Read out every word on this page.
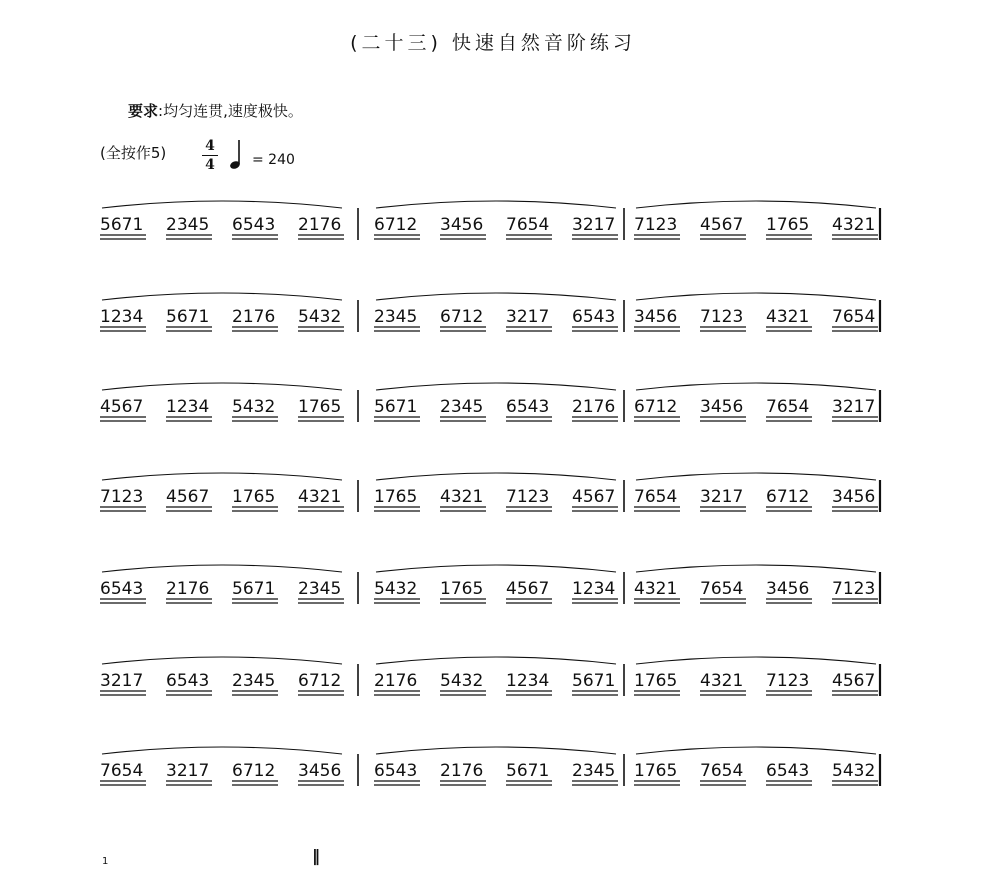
(二十三) 快速自然音阶练习
要求:均匀连贯,速度极快。
(全按作5)	4
4	= 240
5671 2345 6543 2176 6712 3456 7654 3217 7123 4567 1765 4321
1234 5671 2176 5432 2345 6712 3217 6543 3456 7123 4321 7654
4567 1234 5432 1765 5671 2345 6543 2176 6712 3456 7654 3217
7123 4567 1765 4321 1765 4321 7123 4567 7654 3217 6712 3456
6543 2176 5671 2345 5432 1765 4567 1234 4321 7654 3456 7123
3217 6543 2345 6712 2176 5432 1234 5671 1765 4321 7123 4567
7654 3217 6712 3456 6543 2176 5671 2345 1765 7654 6543 5432
1	‖
